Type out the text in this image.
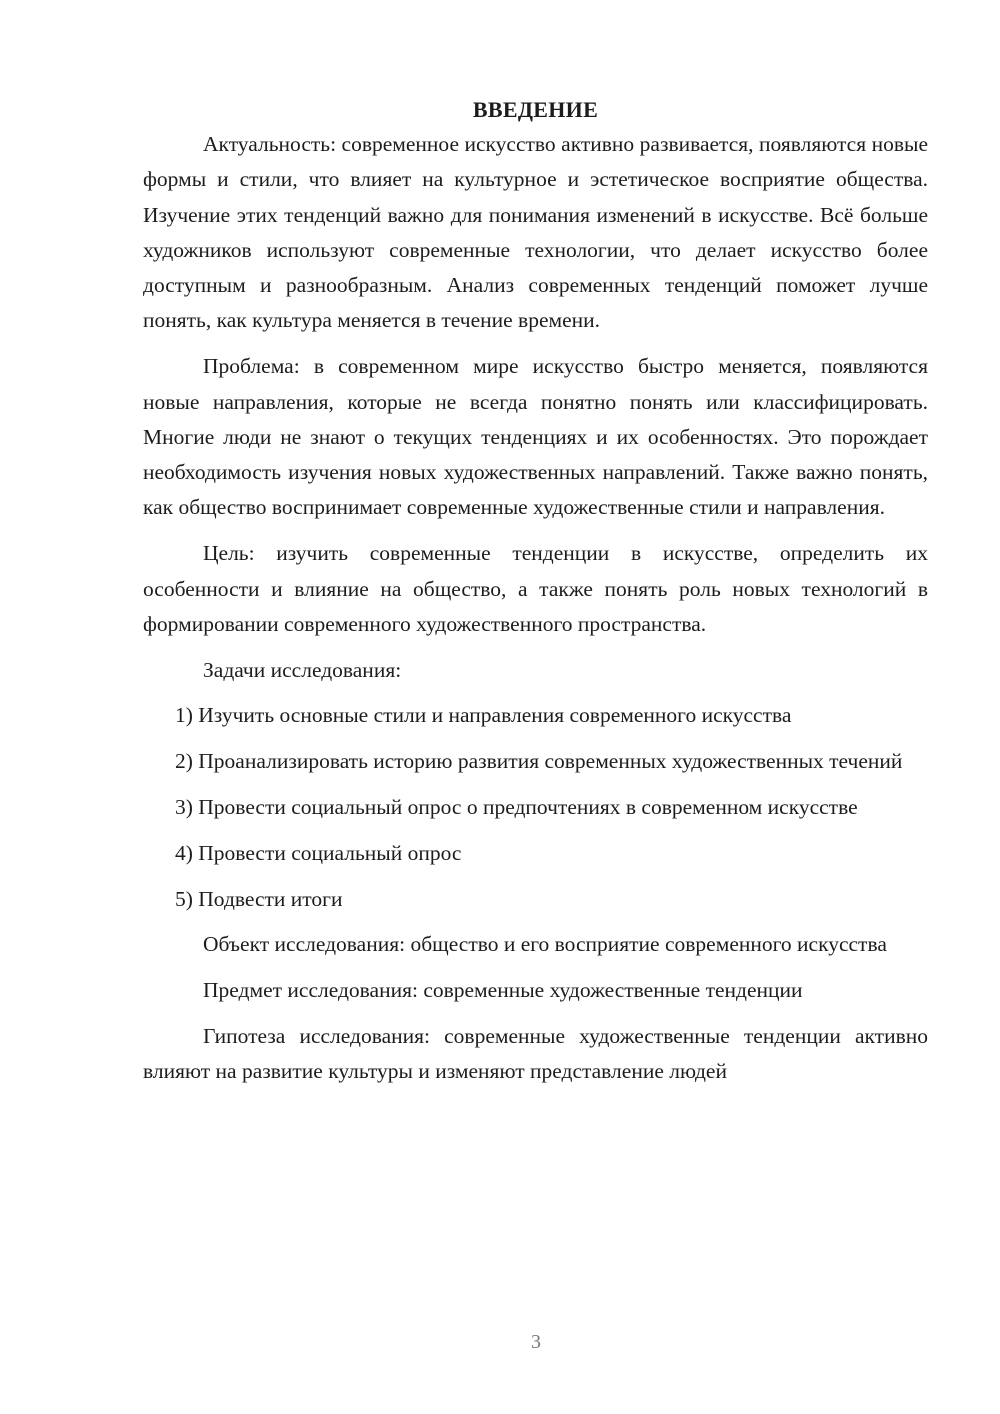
ВВЕДЕНИЕ

Актуальность: современное искусство активно развивается, появляются новые формы и стили, что влияет на культурное и эстетическое восприятие общества. Изучение этих тенденций важно для понимания изменений в искусстве. Всё больше художников используют современные технологии, что делает искусство более доступным и разнообразным. Анализ современных тенденций поможет лучше понять, как культура меняется в течение времени.

Проблема: в современном мире искусство быстро меняется, появляются новые направления, которые не всегда понятно понять или классифицировать. Многие люди не знают о текущих тенденциях и их особенностях. Это порождает необходимость изучения новых художественных направлений. Также важно понять, как общество воспринимает современные художественные стили и направления.

Цель: изучить современные тенденции в искусстве, определить их особенности и влияние на общество, а также понять роль новых технологий в формировании современного художественного пространства.

Задачи исследования:

1) Изучить основные стили и направления современного искусства

2) Проанализировать историю развития современных художественных течений

3) Провести социальный опрос о предпочтениях в современном искусстве

4) Провести социальный опрос

5) Подвести итоги

Объект исследования: общество и его восприятие современного искусства

Предмет исследования: современные художественные тенденции

Гипотеза исследования: современные художественные тенденции активно влияют на развитие культуры и изменяют представление людей

3
